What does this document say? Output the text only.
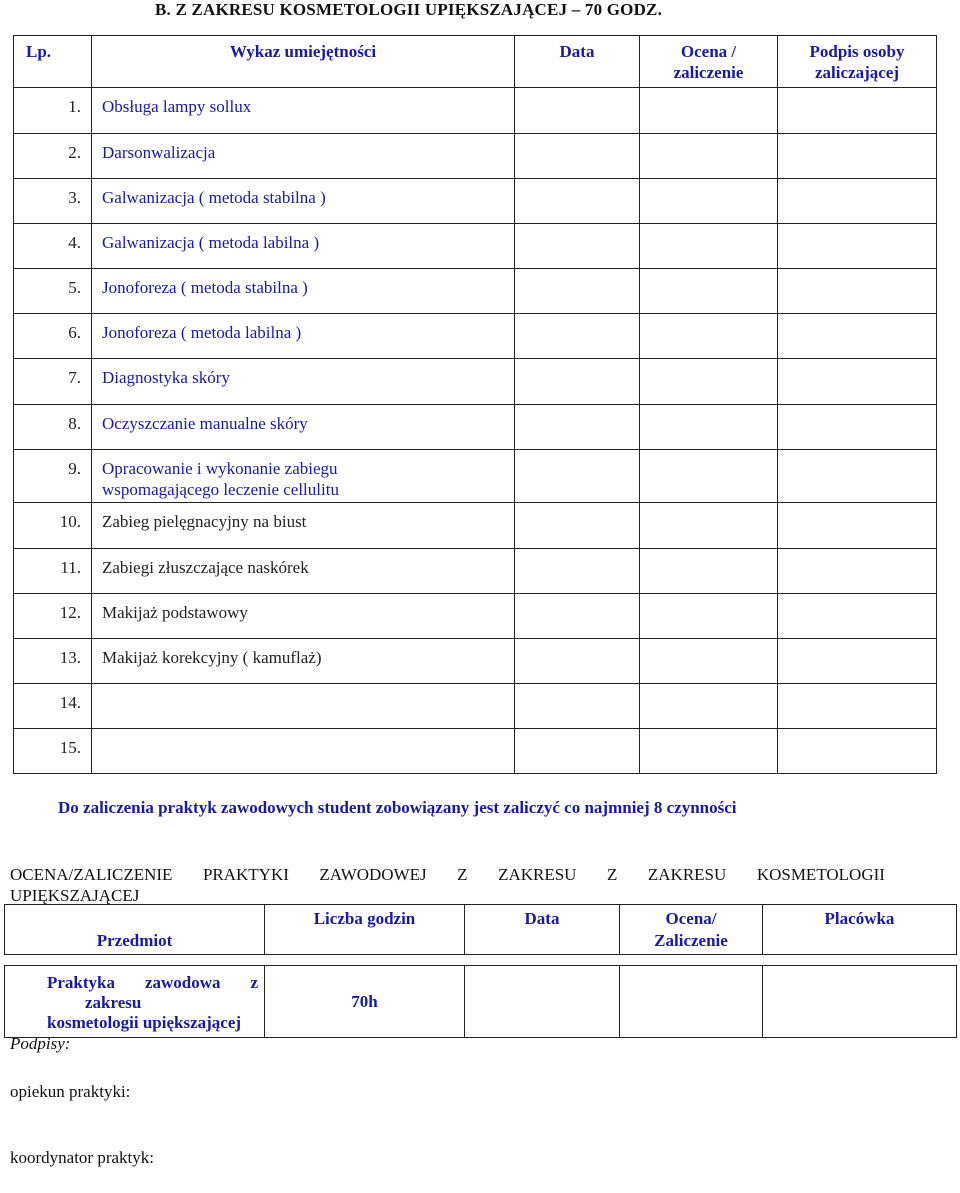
B. Z ZAKRESU KOSMETOLOGII UPIĘKSZAJĄCEJ – 70 GODZ.
Lp.	Wykaz umiejętności	Data	Ocena /
zaliczenie	Podpis osoby
zaliczającej
1.	Obsługa lampy sollux			
2.	Darsonwalizacja			
3.	Galwanizacja ( metoda stabilna )			
4.	Galwanizacja ( metoda labilna )			
5.	Jonoforeza ( metoda stabilna )			
6.	Jonoforeza ( metoda labilna )			
7.	Diagnostyka skóry			
8.	Oczyszczanie manualne skóry			
9.	Opracowanie i wykonanie zabiegu
wspomagającego leczenie cellulitu			
10.	Zabieg pielęgnacyjny na biust			
11.	Zabiegi złuszczające naskórek			
12.	Makijaż podstawowy			
13.	Makijaż korekcyjny ( kamuflaż)			
14.				
15.				
Do zaliczenia praktyk zawodowych student zobowiązany jest zaliczyć co najmniej 8 czynności
OCENA/ZALICZENIE PRAKTYKI ZAWODOWEJ Z ZAKRESU Z ZAKRESU KOSMETOLOGII
UPIĘKSZAJĄCEJ
Przedmiot	Liczba godzin	Data	Ocena/
Zaliczenie	Placówka

Praktyka zawodowa z
zakresu
kosmetologii upiększającej	70h			
Podpisy:
opiekun praktyki:
koordynator praktyk:
